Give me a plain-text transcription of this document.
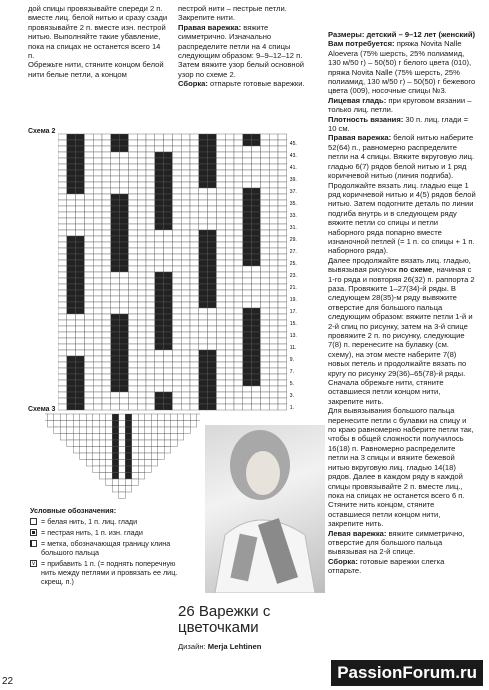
дой спицы провязывайте спереди 2 п. вместе лиц. белой нитью и сразу сзади провязывайте 2 п. вместе изн. пестрой нитью. Выполняйте такие убавление, пока на спицах не останется всего 14 п.

Обрежьте нити, стяните концом белой нити белые петли, а концом

пестрой нити – пестрые петли. Закрепите нити.

Правая варежка: вяжите симметрично. Изначально распределите петли на 4 спицы следующим образом: 9–9–12–12 п. Затем вяжите узор белый основной узор по схеме 2.

Сборка: отпарьте готовые варежки.

Размеры: детский – 9–12 лет (женский)

Вам потребуется: пряжа Novita Nalle Aloevera (75% шерсть, 25% полиамид, 130 м/50 г) – 50(50) г белого цвета (010), пряжа Novita Nalle (75% шерсть, 25% полиамид, 130 м/50 г) – 50(50) г бежевого цвета (009), носочные спицы №3.

Лицевая гладь: при круговом вязании – только лиц. петли.

Плотность вязания: 30 п. лиц. глади = 10 см.

Правая варежка: белой нитью наберите 52(64) п., равномерно распределите петли на 4 спицы. Вяжите вкруговую лиц. гладью 6(7) рядов белой нитью и 1 ряд коричневой нитью (линия подгиба). Продолжайте вязать лиц. гладью еще 1 ряд коричневой нитью и 4(5) рядов белой нитью. Затем подогните деталь по линии подгиба внутрь и в следующем ряду вяжите петли со спицы и петли наборного ряда попарно вместе изнаночной петлей (= 1 п. со спицы + 1 п. наборного ряда).

Далее продолжайте вязать лиц. гладью, вывязывая рисунок по схеме, начиная с 1-го ряда и повторяя 26(32) п. раппорта 2 раза. Провяжите 1–27(34)-й ряды. В следующем 28(35)-м ряду вывяжите отверстие для большого пальца следующим образом: вяжите петли 1-й и 2-й спиц по рисунку, затем на 3-й спице провяжите 2 п. по рисунку, следующие 7(8) п. перенесите на булавку (см. схему), на этом месте наберите 7(8) новых петель и продолжайте вязать по кругу по рисунку 29(36)–65(78)-й ряды.

Сначала обрежьте нити, стяните оставшиеся петли концом нити, закрепите нить.

Для вывязывания большого пальца перенесите петли с булавки на спицу и по краю равномерно наберите петли так, чтобы в общей сложности получилось 16(18) п. Равномерно распределите петли на 3 спицы и вяжите бежевой нитью вкруговую лиц. гладью 14(18) рядов. Далее в каждом ряду в каждой спицы провязывайте 2 п. вместе лиц., пока на спицах не останется всего 6 п. Стяните нить концом, стяните оставшиеся петли концом нити, закрепите нить.

Левая варежка: вяжите симметрично, отверстие для большого пальца вывязывая на 2-й спице.

Сборка: готовые варежки слегка отпарьте.

Схема 2
45.
43.
41.
39.
37.
35.
33.
31.
29.
27.
25.
23.
21.
19.
17.
15.
13.
11.
9.
7.
5.
3.
1.
Схема 3
Условные обозначения:
= белая нить, 1 п. лиц. глади
= пестрая нить, 1 п. изн. глади
= метка, обозначающая границу клина большого пальца
v = прибавить 1 п. (= поднять поперечную нить между петлями и провязать ее лиц. скрещ. п.)
26 Варежки с цветочками
Дизайн: Merja Lehtinen
22	PassionForum.ru
